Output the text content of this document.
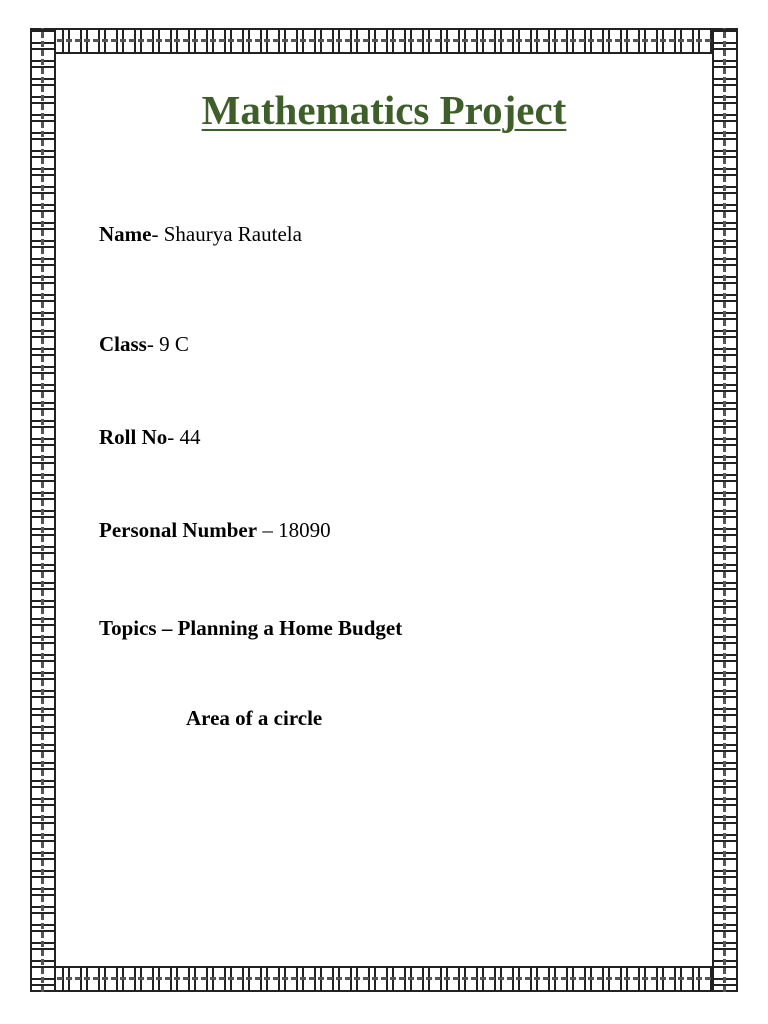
Mathematics Project
Name- Shaurya Rautela
Class- 9 C
Roll No- 44
Personal Number – 18090
Topics – Planning a Home Budget
Area of a circle
